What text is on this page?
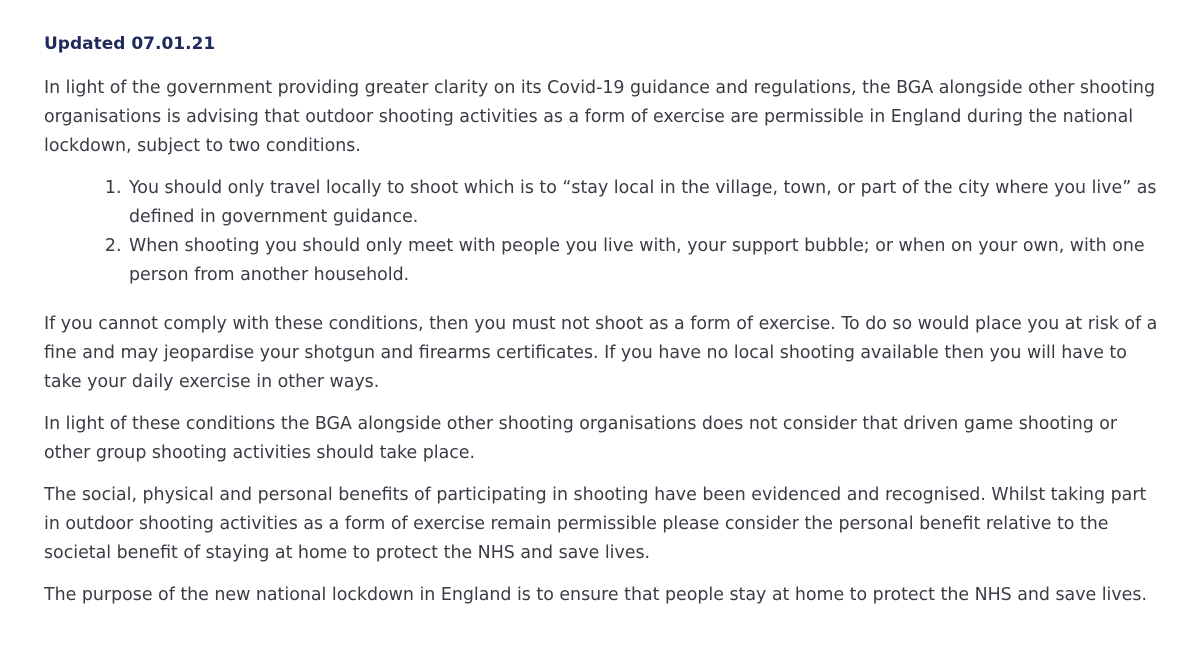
Updated 07.01.21

In light of the government providing greater clarity on its Covid-19 guidance and regulations, the BGA alongside other shooting organisations is advising that outdoor shooting activities as a form of exercise are permissible in England during the national lockdown, subject to two conditions.

1. You should only travel locally to shoot which is to “stay local in the village, town, or part of the city where you live” as defined in government guidance.
2. When shooting you should only meet with people you live with, your support bubble; or when on your own, with one person from another household.

If you cannot comply with these conditions, then you must not shoot as a form of exercise. To do so would place you at risk of a fine and may jeopardise your shotgun and firearms certificates. If you have no local shooting available then you will have to take your daily exercise in other ways.

In light of these conditions the BGA alongside other shooting organisations does not consider that driven game shooting or other group shooting activities should take place.

The social, physical and personal benefits of participating in shooting have been evidenced and recognised. Whilst taking part in outdoor shooting activities as a form of exercise remain permissible please consider the personal benefit relative to the societal benefit of staying at home to protect the NHS and save lives.

The purpose of the new national lockdown in England is to ensure that people stay at home to protect the NHS and save lives.
